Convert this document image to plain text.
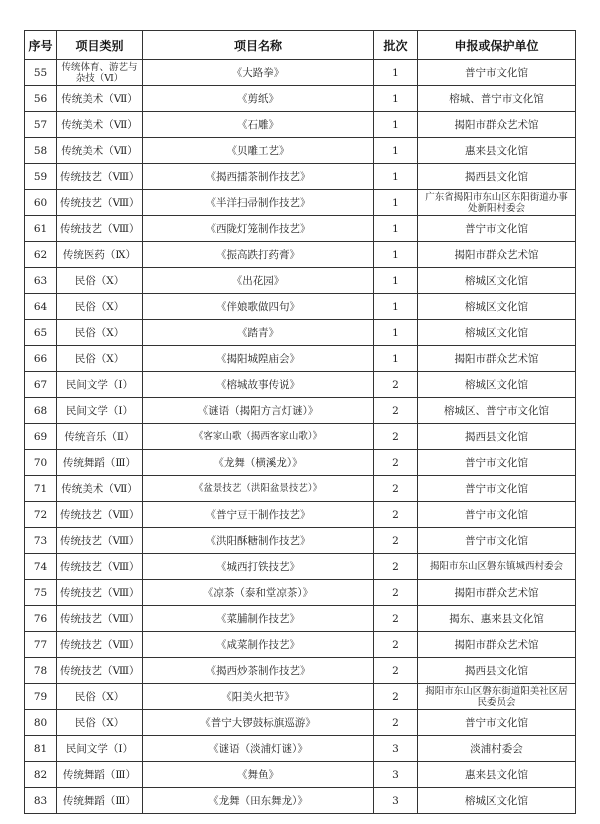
序号	项目类别	项目名称	批次	申报或保护单位
55	传统体育、游艺与杂技（Ⅵ）	《大路拳》	1	普宁市文化馆
56	传统美术（Ⅶ）	《剪纸》	1	榕城、普宁市文化馆
57	传统美术（Ⅶ）	《石雕》	1	揭阳市群众艺术馆
58	传统美术（Ⅶ）	《贝雕工艺》	1	惠来县文化馆
59	传统技艺（Ⅷ）	《揭西擂茶制作技艺》	1	揭西县文化馆
60	传统技艺（Ⅷ）	《半洋扫帚制作技艺》	1	广东省揭阳市东山区东阳街道办事处新阳村委会
61	传统技艺（Ⅷ）	《西陇灯笼制作技艺》	1	普宁市文化馆
62	传统医药（Ⅸ）	《振高跌打药膏》	1	揭阳市群众艺术馆
63	民俗（Ⅹ）	《出花园》	1	榕城区文化馆
64	民俗（Ⅹ）	《伴娘歌做四句》	1	榕城区文化馆
65	民俗（Ⅹ）	《踏青》	1	榕城区文化馆
66	民俗（Ⅹ）	《揭阳城隍庙会》	1	揭阳市群众艺术馆
67	民间文学（Ⅰ）	《榕城故事传说》	2	榕城区文化馆
68	民间文学（Ⅰ）	《谜语（揭阳方言灯谜）》	2	榕城区、普宁市文化馆
69	传统音乐（Ⅱ）	《客家山歌（揭西客家山歌）》	2	揭西县文化馆
70	传统舞蹈（Ⅲ）	《龙舞（横溪龙）》	2	普宁市文化馆
71	传统美术（Ⅶ）	《盆景技艺（洪阳盆景技艺）》	2	普宁市文化馆
72	传统技艺（Ⅷ）	《普宁豆干制作技艺》	2	普宁市文化馆
73	传统技艺（Ⅷ）	《洪阳酥糖制作技艺》	2	普宁市文化馆
74	传统技艺（Ⅷ）	《城西打铁技艺》	2	揭阳市东山区磐东镇城西村委会
75	传统技艺（Ⅷ）	《凉茶（泰和堂凉茶）》	2	揭阳市群众艺术馆
76	传统技艺（Ⅷ）	《菜脯制作技艺》	2	揭东、惠来县文化馆
77	传统技艺（Ⅷ）	《咸菜制作技艺》	2	揭阳市群众艺术馆
78	传统技艺（Ⅷ）	《揭西炒茶制作技艺》	2	揭西县文化馆
79	民俗（Ⅹ）	《阳美火把节》	2	揭阳市东山区磐东街道阳美社区居民委员会
80	民俗（Ⅹ）	《普宁大锣鼓标旗巡游》	2	普宁市文化馆
81	民间文学（Ⅰ）	《谜语（淡浦灯谜）》	3	淡浦村委会
82	传统舞蹈（Ⅲ）	《舞鱼》	3	惠来县文化馆
83	传统舞蹈（Ⅲ）	《龙舞（田东舞龙）》	3	榕城区文化馆
